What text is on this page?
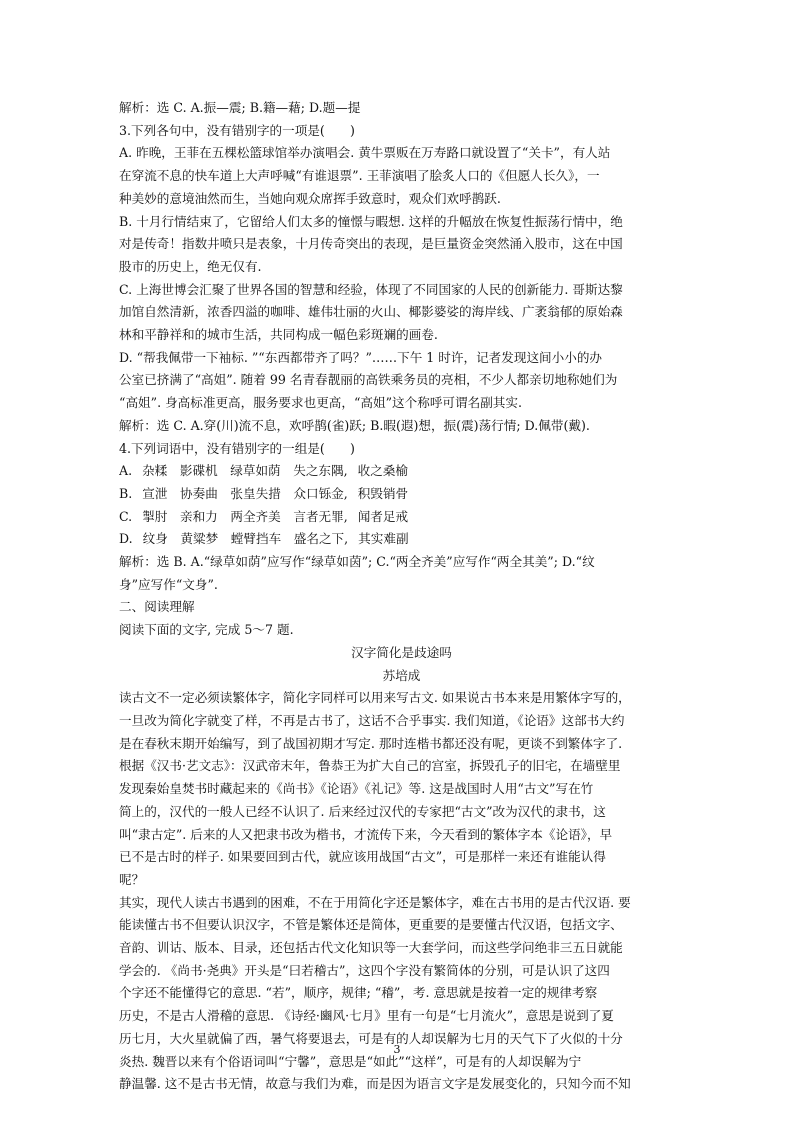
解析：选 C. A.振—震; B.籍—藉; D.题—提
3.下列各句中，没有错别字的一项是(　　)
A. 昨晚，王菲在五棵松篮球馆举办演唱会. 黄牛票贩在万寿路口就设置了“关卡”，有人站
在穿流不息的快车道上大声呼喊“有谁退票”. 王菲演唱了脍炙人口的《但愿人长久》，一
种美妙的意境油然而生，当她向观众席挥手致意时，观众们欢呼鹊跃.
B. 十月行情结束了，它留给人们太多的憧憬与暇想. 这样的升幅放在恢复性振荡行情中，绝
对是传奇！指数井喷只是表象，十月传奇突出的表现，是巨量资金突然涌入股市，这在中国
股市的历史上，绝无仅有.
C. 上海世博会汇聚了世界各国的智慧和经验，体现了不同国家的人民的创新能力. 哥斯达黎
加馆自然清新，浓香四溢的咖啡、雄伟壮丽的火山、椰影婆娑的海岸线、广袤翁郁的原始森
林和平静祥和的城市生活，共同构成一幅色彩斑斓的画卷.
D. “帮我佩带一下袖标. ”“东西都带齐了吗？”……下午 1 时许，记者发现这间小小的办
公室已挤满了“高姐”. 随着 99 名青春靓丽的高铁乘务员的亮相，不少人都亲切地称她们为
“高姐”. 身高标准更高，服务要求也更高，“高姐”这个称呼可谓名副其实.
解析：选 C. A.穿(川)流不息，欢呼鹊(雀)跃; B.暇(遐)想，振(震)荡行情; D.佩带(戴).
4.下列词语中，没有错别字的一组是(　　)
A. 杂糅　影碟机　绿草如荫　失之东隅, 收之桑榆
B. 宣泄　协奏曲　张皇失措　众口铄金, 积毁销骨
C. 掣肘　亲和力　两全齐美　言者无罪, 闻者足戒
D. 纹身　黄粱梦　螳臂挡车　盛名之下, 其实难副
解析：选 B. A.“绿草如荫”应写作“绿草如茵”; C.“两全齐美”应写作“两全其美”; D.“纹
身”应写作“文身”.
二、阅读理解
阅读下面的文字, 完成 5～7 题.
汉字简化是歧途吗
苏培成
读古文不一定必须读繁体字，简化字同样可以用来写古文. 如果说古书本来是用繁体字写的，
一旦改为简化字就变了样，不再是古书了，这话不合乎事实. 我们知道，《论语》这部书大约
是在春秋末期开始编写，到了战国初期才写定. 那时连楷书都还没有呢，更谈不到繁体字了.
根据《汉书·艺文志》：汉武帝末年，鲁恭王为扩大自己的宫室，拆毁孔子的旧宅，在墙壁里
发现秦始皇焚书时藏起来的《尚书》《论语》《礼记》等. 这是战国时人用“古文”写在竹
简上的，汉代的一般人已经不认识了. 后来经过汉代的专家把“古文”改为汉代的隶书，这
叫“隶古定”. 后来的人又把隶书改为楷书，才流传下来，今天看到的繁体字本《论语》，早
已不是古时的样子. 如果要回到古代，就应该用战国“古文”，可是那样一来还有谁能认得
呢？
其实，现代人读古书遇到的困难，不在于用简化字还是繁体字，难在古书用的是古代汉语. 要
能读懂古书不但要认识汉字，不管是繁体还是简体，更重要的是要懂古代汉语，包括文字、
音韵、训诂、版本、目录，还包括古代文化知识等一大套学问，而这些学问绝非三五日就能
学会的. 《尚书·尧典》开头是“曰若稽古”，这四个字没有繁简体的分别，可是认识了这四
个字还不能懂得它的意思. “若”，顺序，规律; “稽”，考. 意思就是按着一定的规律考察
历史，不是古人滑稽的意思. 《诗经·豳风·七月》里有一句是“七月流火”，意思是说到了夏
历七月，大火星就偏了西，暑气将要退去，可是有的人却误解为七月的天气下了火似的十分
炎热. 魏晋以来有个俗语词叫“宁馨”，意思是“如此”“这样”，可是有的人却误解为宁
静温馨. 这不是古书无情，故意与我们为难，而是因为语言文字是发展变化的，只知今而不知
3
